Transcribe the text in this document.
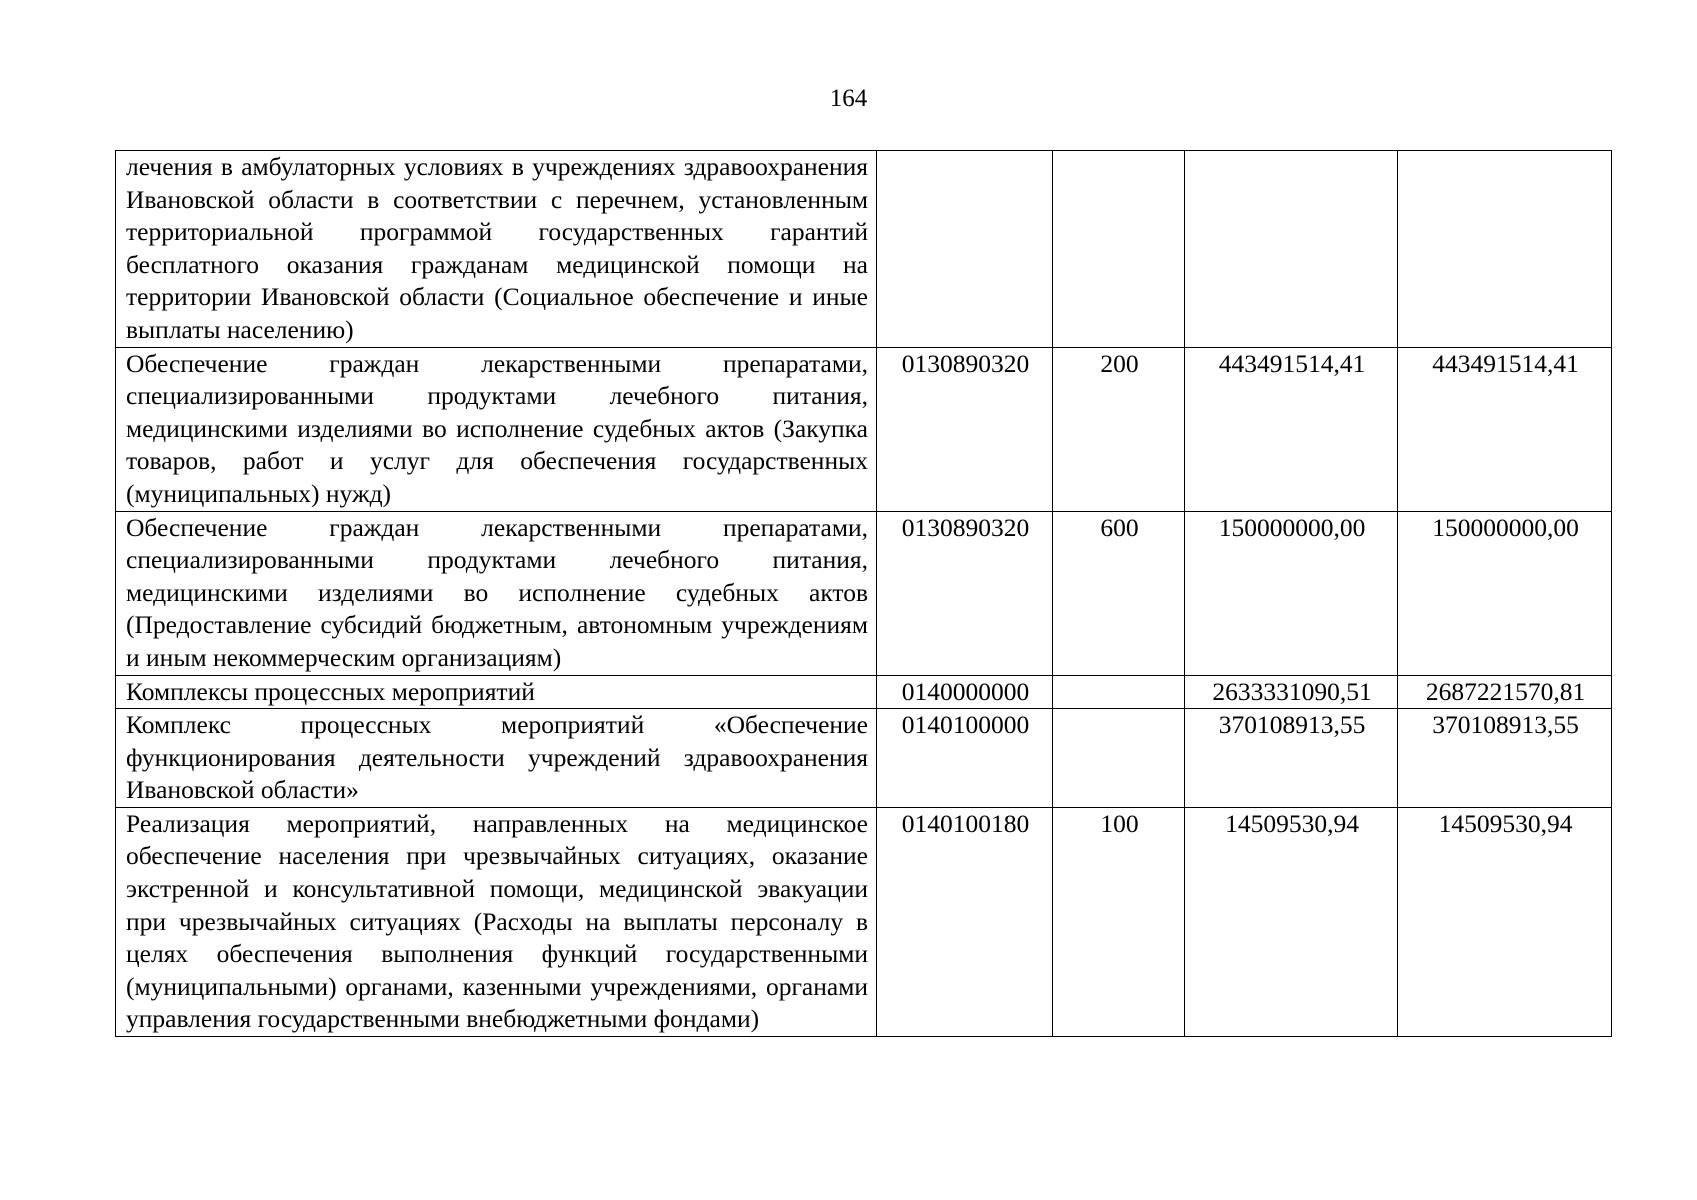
164
лечения в амбулаторных условиях в учреждениях здравоохранения Ивановской области в соответствии с перечнем, установленным территориальной программой государственных гарантий бесплатного оказания гражданам медицинской помощи на территории Ивановской области (Социальное обеспечение и иные выплаты населению)				
Обеспечение граждан лекарственными препаратами, специализированными продуктами лечебного питания, медицинскими изделиями во исполнение судебных актов (Закупка товаров, работ и услуг для обеспечения государственных (муниципальных) нужд)	0130890320	200	443491514,41	443491514,41
Обеспечение граждан лекарственными препаратами, специализированными продуктами лечебного питания, медицинскими изделиями во исполнение судебных актов (Предоставление субсидий бюджетным, автономным учреждениям и иным некоммерческим организациям)	0130890320	600	150000000,00	150000000,00
Комплексы процессных мероприятий	0140000000		2633331090,51	2687221570,81
Комплекс процессных мероприятий «Обеспечение функционирования деятельности учреждений здравоохранения Ивановской области»	0140100000		370108913,55	370108913,55
Реализация мероприятий, направленных на медицинское обеспечение населения при чрезвычайных ситуациях, оказание экстренной и консультативной помощи, медицинской эвакуации при чрезвычайных ситуациях (Расходы на выплаты персоналу в целях обеспечения выполнения функций государственными (муниципальными) органами, казенными учреждениями, органами управления государственными внебюджетными фондами)	0140100180	100	14509530,94	14509530,94
